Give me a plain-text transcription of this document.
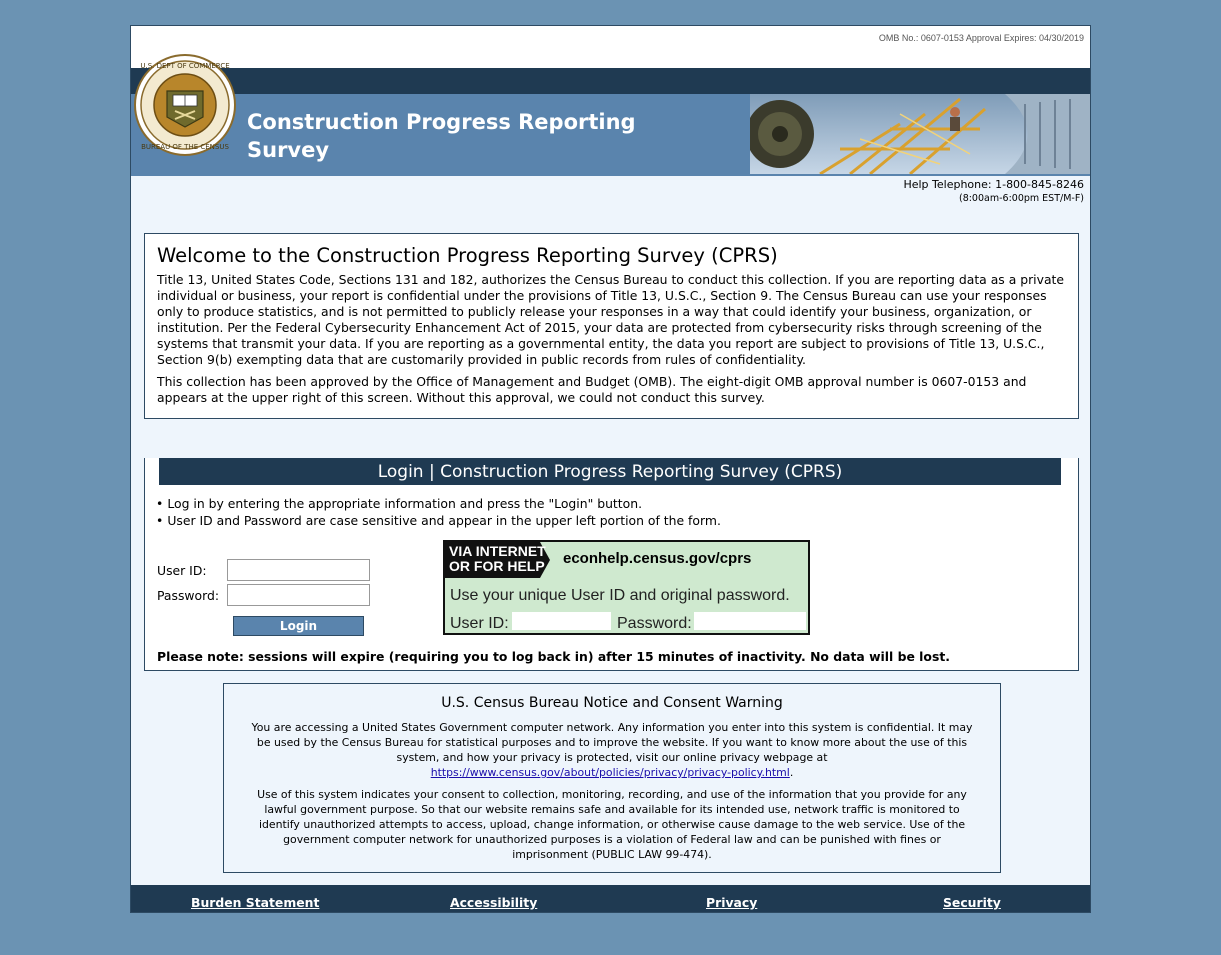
OMB No.: 0607-0153 Approval Expires: 04/30/2019
U.S. DEPT OF COMMERCE
BUREAU OF THE CENSUS
Construction Progress Reporting Survey
Help Telephone: 1-800-845-8246
(8:00am-6:00pm EST/M-F)
Welcome to the Construction Progress Reporting Survey (CPRS)

Title 13, United States Code, Sections 131 and 182, authorizes the Census Bureau to conduct this collection. If you are reporting data as a private individual or business, your report is confidential under the provisions of Title 13, U.S.C., Section 9. The Census Bureau can use your responses only to produce statistics, and is not permitted to publicly release your responses in a way that could identify your business, organization, or institution. Per the Federal Cybersecurity Enhancement Act of 2015, your data are protected from cybersecurity risks through screening of the systems that transmit your data. If you are reporting as a governmental entity, the data you report are subject to provisions of Title 13, U.S.C., Section 9(b) exempting data that are customarily provided in public records from rules of confidentiality.

This collection has been approved by the Office of Management and Budget (OMB). The eight-digit OMB approval number is 0607-0153 and appears at the upper right of this screen. Without this approval, we could not conduct this survey.

Login | Construction Progress Reporting Survey (CPRS)
• Log in by entering the appropriate information and press the "Login" button.
• User ID and Password are case sensitive and appear in the upper left portion of the form.
User ID:
Password:
Login
VIA INTERNET
OR FOR HELP econhelp.census.gov/cprs
Use your unique User ID and original password.
User ID:	Password:
Please note: sessions will expire (requiring you to log back in) after 15 minutes of inactivity. No data will be lost.
U.S. Census Bureau Notice and Consent Warning

You are accessing a United States Government computer network. Any information you enter into this system is confidential. It may be used by the Census Bureau for statistical purposes and to improve the website. If you want to know more about the use of this system, and how your privacy is protected, visit our online privacy webpage at https://www.census.gov/about/policies/privacy/privacy-policy.html.

Use of this system indicates your consent to collection, monitoring, recording, and use of the information that you provide for any lawful government purpose. So that our website remains safe and available for its intended use, network traffic is monitored to identify unauthorized attempts to access, upload, change information, or otherwise cause damage to the web service. Use of the government computer network for unauthorized purposes is a violation of Federal law and can be punished with fines or imprisonment (PUBLIC LAW 99-474).

Burden Statement	Accessibility	Privacy	Security
